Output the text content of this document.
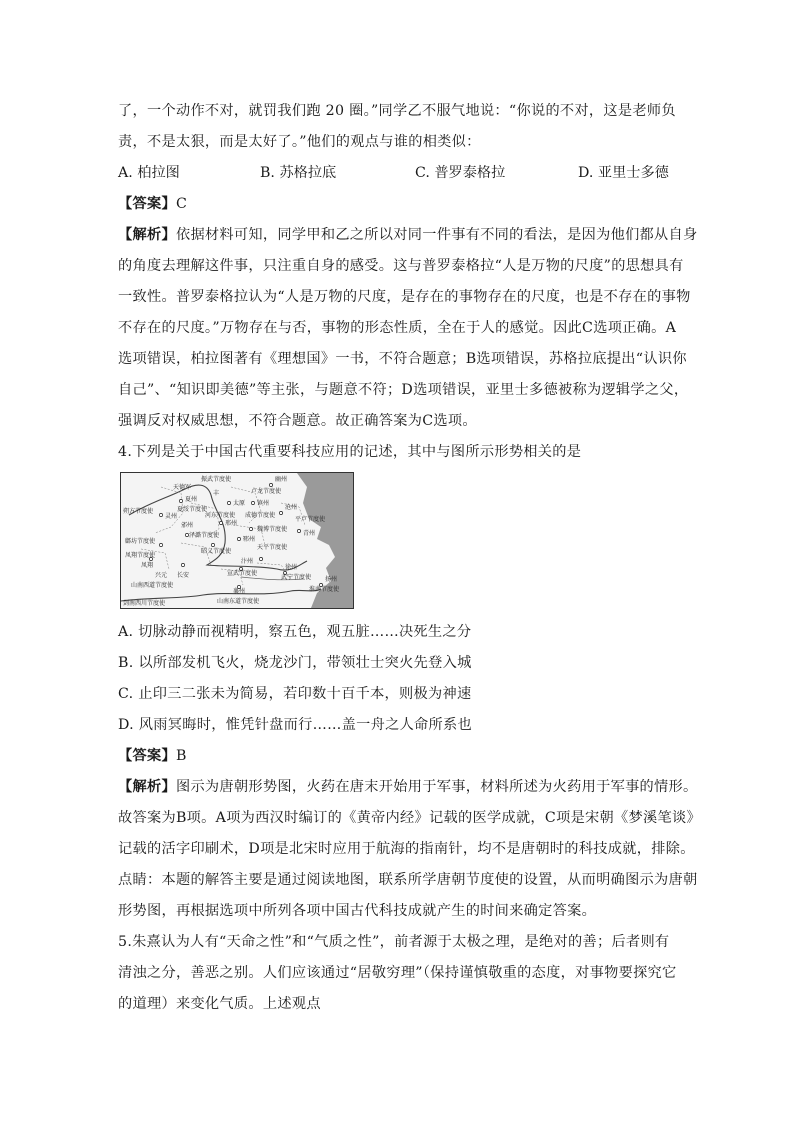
了，一个动作不对，就罚我们跑 20 圈。”同学乙不服气地说：“你说的不对，这是老师负
责，不是太狠，而是太好了。”他们的观点与谁的相类似：
A. 柏拉图	B. 苏格拉底	C. 普罗泰格拉	D. 亚里士多德
【答案】C
【解析】依据材料可知，同学甲和乙之所以对同一件事有不同的看法，是因为他们都从自身
的角度去理解这件事，只注重自身的感受。这与普罗泰格拉“人是万物的尺度”的思想具有
一致性。普罗泰格拉认为“人是万物的尺度，是存在的事物存在的尺度，也是不存在的事物
不存在的尺度。”万物存在与否，事物的形态性质，全在于人的感觉。因此C选项正确。A
选项错误，柏拉图著有《理想国》一书，不符合题意；B选项错误，苏格拉底提出“认识你
自己”、“知识即美德”等主张，与题意不符；D选项错误，亚里士多德被称为逻辑学之父，
强调反对权威思想，不符合题意。故正确答案为C选项。
4.下列是关于中国古代重要科技应用的记述，其中与图所示形势相关的是
振武节度使	幽州
卢龙节度使
天德军
丰
夏州
太原 镇州
沧州
朔方节度使	夏绥节度使
河东节度使 成德节度使
平卢节度使
灵州
邢州
魏博节度使
泽潞节度使	青州
邠州
鄜坊节度使	郓州
昭义节度使
凤翔节度使
汴州
天平节度使
宣武节度使
徐州
武宁节度使
凤翔
兴元 长安
山南西道节度使
扬州
淮南节度使
襄州
山南东道节度使
剑南西川节度使
A. 切脉动静而视精明，察五色，观五脏……决死生之分
B. 以所部发机飞火，烧龙沙门，带领壮士突火先登入城
C. 止印三二张未为简易，若印数十百千本，则极为神速
D. 风雨冥晦时，惟凭针盘而行……盖一舟之人命所系也
【答案】B
【解析】图示为唐朝形势图，火药在唐末开始用于军事，材料所述为火药用于军事的情形。
故答案为B项。A项为西汉时编订的《黄帝内经》记载的医学成就，C项是宋朝《梦溪笔谈》
记载的活字印刷术，D项是北宋时应用于航海的指南针，均不是唐朝时的科技成就，排除。
点睛：本题的解答主要是通过阅读地图，联系所学唐朝节度使的设置，从而明确图示为唐朝
形势图，再根据选项中所列各项中国古代科技成就产生的时间来确定答案。
5.朱熹认为人有“天命之性”和“气质之性”，前者源于太极之理，是绝对的善；后者则有
清浊之分，善恶之别。人们应该通过“居敬穷理”（保持谨慎敬重的态度，对事物要探究它
的道理）来变化气质。上述观点
